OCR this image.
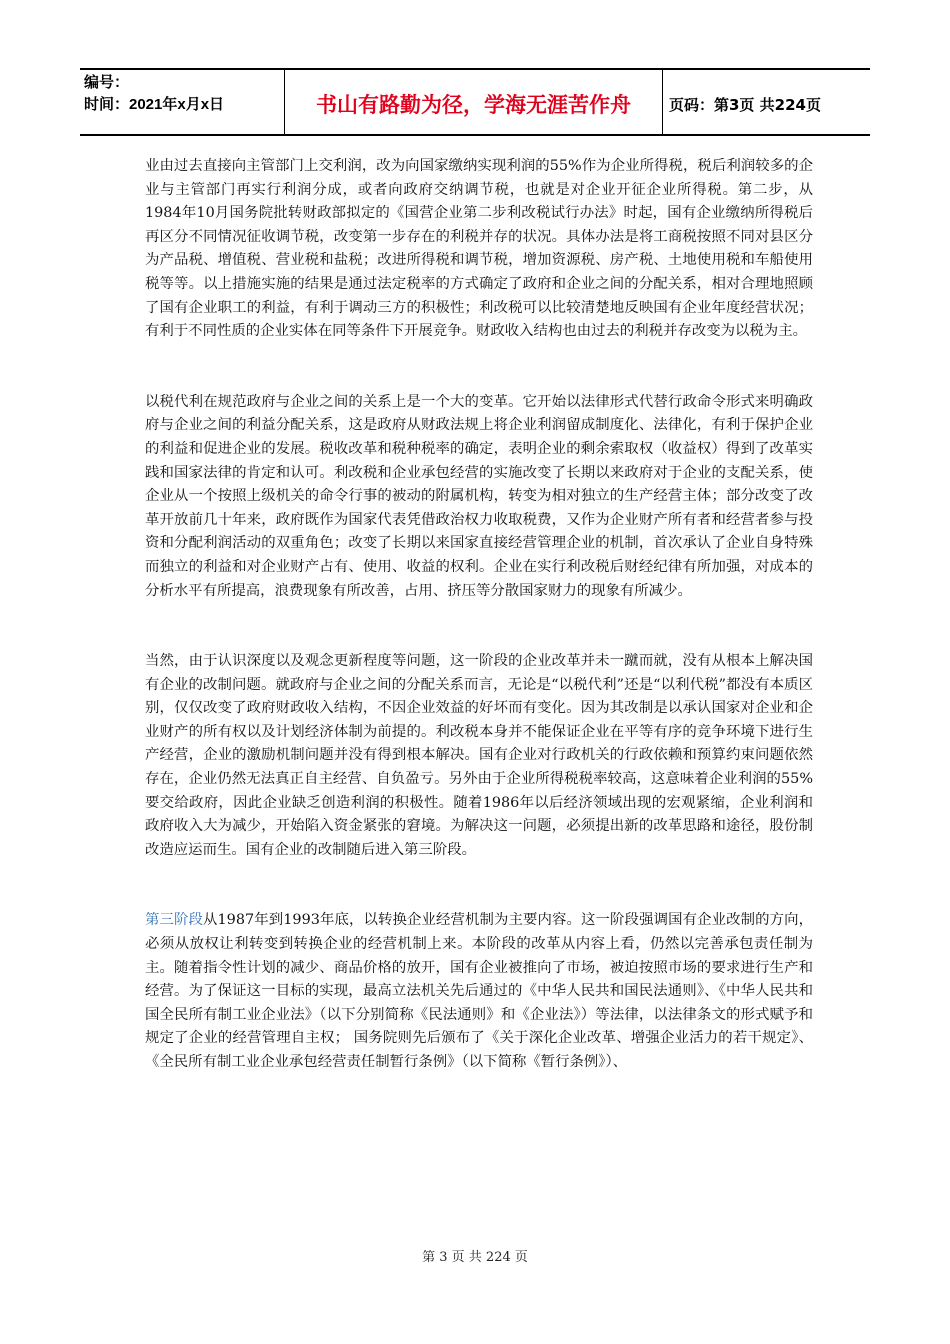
编号：
时间：2021年x月x日	书山有路勤为径，学海无涯苦作舟	页码：第3页 共224页

业由过去直接向主管部门上交利润，改为向国家缴纳实现利润的55%作为企业所得税，税后利润较多的企业与主管部门再实行利润分成，或者向政府交纳调节税，也就是对企业开征企业所得税。第二步，从1984年10月国务院批转财政部拟定的《国营企业第二步利改税试行办法》时起，国有企业缴纳所得税后再区分不同情况征收调节税，改变第一步存在的利税并存的状况。具体办法是将工商税按照不同对县区分为产品税、增值税、营业税和盐税；改进所得税和调节税，增加资源税、房产税、土地使用税和车船使用税等等。以上措施实施的结果是通过法定税率的方式确定了政府和企业之间的分配关系，相对合理地照顾了国有企业职工的利益，有利于调动三方的积极性；利改税可以比较清楚地反映国有企业年度经营状况；有利于不同性质的企业实体在同等条件下开展竞争。财政收入结构也由过去的利税并存改变为以税为主。

以税代利在规范政府与企业之间的关系上是一个大的变革。它开始以法律形式代替行政命令形式来明确政府与企业之间的利益分配关系，这是政府从财政法规上将企业利润留成制度化、法律化，有利于保护企业的利益和促进企业的发展。税收改革和税种税率的确定，表明企业的剩余索取权（收益权）得到了改革实践和国家法律的肯定和认可。利改税和企业承包经营的实施改变了长期以来政府对于企业的支配关系，使企业从一个按照上级机关的命令行事的被动的附属机构，转变为相对独立的生产经营主体；部分改变了改革开放前几十年来，政府既作为国家代表凭借政治权力收取税费，又作为企业财产所有者和经营者参与投资和分配利润活动的双重角色；改变了长期以来国家直接经营管理企业的机制，首次承认了企业自身特殊而独立的利益和对企业财产占有、使用、收益的权利。企业在实行利改税后财经纪律有所加强，对成本的分析水平有所提高，浪费现象有所改善，占用、挤压等分散国家财力的现象有所减少。

当然，由于认识深度以及观念更新程度等问题，这一阶段的企业改革并未一蹴而就，没有从根本上解决国有企业的改制问题。就政府与企业之间的分配关系而言，无论是“以税代利”还是“以利代税”都没有本质区别，仅仅改变了政府财政收入结构，不因企业效益的好坏而有变化。因为其改制是以承认国家对企业和企业财产的所有权以及计划经济体制为前提的。利改税本身并不能保证企业在平等有序的竞争环境下进行生产经营，企业的激励机制问题并没有得到根本解决。国有企业对行政机关的行政依赖和预算约束问题依然存在，企业仍然无法真正自主经营、自负盈亏。另外由于企业所得税税率较高，这意味着企业利润的55%要交给政府，因此企业缺乏创造利润的积极性。随着1986年以后经济领域出现的宏观紧缩，企业利润和政府收入大为减少，开始陷入资金紧张的窘境。为解决这一问题，必须提出新的改革思路和途径，股份制改造应运而生。国有企业的改制随后进入第三阶段。

第三阶段从1987年到1993年底，以转换企业经营机制为主要内容。这一阶段强调国有企业改制的方向，必须从放权让利转变到转换企业的经营机制上来。本阶段的改革从内容上看，仍然以完善承包责任制为主。随着指令性计划的减少、商品价格的放开，国有企业被推向了市场，被迫按照市场的要求进行生产和经营。为了保证这一目标的实现，最高立法机关先后通过的《中华人民共和国民法通则》、《中华人民共和国全民所有制工业企业法》（以下分别简称《民法通则》和《企业法》）等法律，以法律条文的形式赋予和规定了企业的经营管理自主权； 国务院则先后颁布了《关于深化企业改革、增强企业活力的若干规定》、《全民所有制工业企业承包经营责任制暂行条例》（以下简称《暂行条例》）、

第 3 页 共 224 页
